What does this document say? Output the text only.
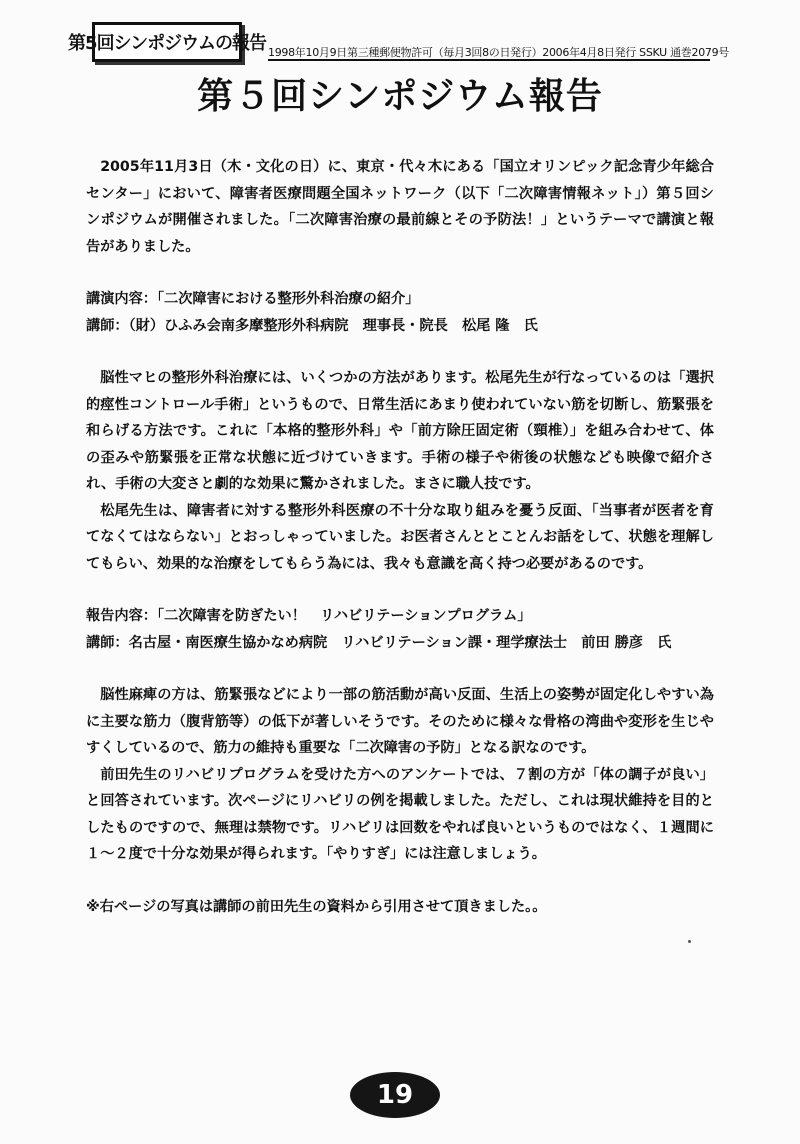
第5回シンポジウムの報告 1998年10月9日第三種郵便物許可（毎月3回8の日発行）2006年4月8日発行 SSKU 通巻2079号
第５回シンポジウム報告

2005年11月3日（木・文化の日）に、東京・代々木にある「国立オリンピック記念青少年総合センター」において、障害者医療問題全国ネットワーク（以下「二次障害情報ネット」）第５回シンポジウムが開催されました。「二次障害治療の最前線とその予防法！」というテーマで講演と報告がありました。

講演内容：「二次障害における整形外科治療の紹介」
講師：（財）ひふみ会南多摩整形外科病院　理事長・院長　松尾 隆　氏

脳性マヒの整形外科治療には、いくつかの方法があります。松尾先生が行なっているのは「選択的痙性コントロール手術」というもので、日常生活にあまり使われていない筋を切断し、筋緊張を和らげる方法です。これに「本格的整形外科」や「前方除圧固定術（頸椎）」を組み合わせて、体の歪みや筋緊張を正常な状態に近づけていきます。手術の様子や術後の状態なども映像で紹介され、手術の大変さと劇的な効果に驚かされました。まさに職人技です。

松尾先生は、障害者に対する整形外科医療の不十分な取り組みを憂う反面、「当事者が医者を育てなくてはならない」とおっしゃっていました。お医者さんととことんお話をして、状態を理解してもらい、効果的な治療をしてもらう為には、我々も意識を高く持つ必要があるのです。

報告内容：「二次障害を防ぎたい！　リハビリテーションプログラム」
講師：名古屋・南医療生協かなめ病院　リハビリテーション課・理学療法士　前田 勝彦　氏

脳性麻痺の方は、筋緊張などにより一部の筋活動が高い反面、生活上の姿勢が固定化しやすい為に主要な筋力（腹背筋等）の低下が著しいそうです。そのために様々な骨格の湾曲や変形を生じやすくしているので、筋力の維持も重要な「二次障害の予防」となる訳なのです。

前田先生のリハビリプログラムを受けた方へのアンケートでは、７割の方が「体の調子が良い」と回答されています。次ページにリハビリの例を掲載しました。ただし、これは現状維持を目的としたものですので、無理は禁物です。リハビリは回数をやれば良いというものではなく、１週間に１～２度で十分な効果が得られます。「やりすぎ」には注意しましょう。

※右ページの写真は講師の前田先生の資料から引用させて頂きました。。
19
